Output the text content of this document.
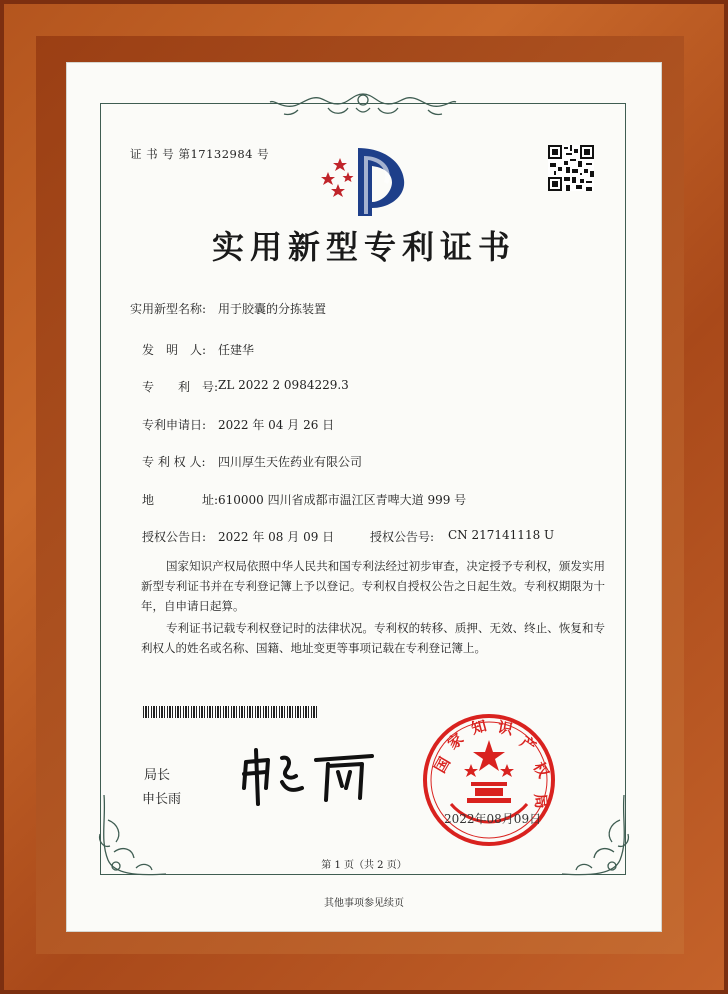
证 书 号 第17132984 号
实用新型专利证书
实用新型名称: 用于胶囊的分拣装置
发　明　人: 任建华
专　　利　号: ZL 2022 2 0984229.3
专利申请日: 2022 年 04 月 26 日
专 利 权 人: 四川厚生天佐药业有限公司
地　　　　址: 610000 四川省成都市温江区青啤大道 999 号
授权公告日: 2022 年 08 月 09 日	授权公告号: CN 217141118 U
国家知识产权局依照中华人民共和国专利法经过初步审查，决定授予专利权，颁发实用新型专利证书并在专利登记簿上予以登记。专利权自授权公告之日起生效。专利权期限为十年，自申请日起算。
专利证书记载专利权登记时的法律状况。专利权的转移、质押、无效、终止、恢复和专利权人的姓名或名称、国籍、地址变更等事项记载在专利登记簿上。
局长
申长雨
国
家
知 识
产
权
局
2022年08月09日
第 1 页（共 2 页）
其他事项参见续页
